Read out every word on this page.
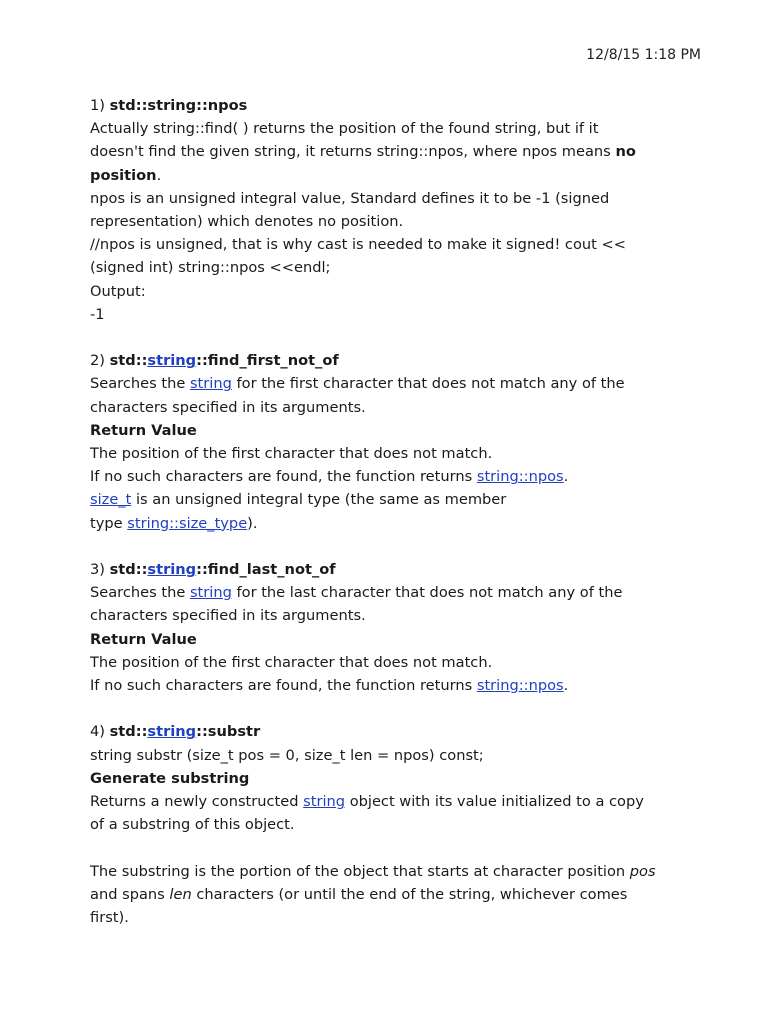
12/8/15 1:18 PM

1) std::string::npos

Actually string::find( ) returns the position of the found string, but if it

doesn't find the given string, it returns string::npos, where npos means no

position.

npos is an unsigned integral value, Standard defines it to be -1 (signed

representation) which denotes no position.

//npos is unsigned, that is why cast is needed to make it signed! cout <<

(signed int) string::npos <<endl;

Output:

-1

2) std::string::find_first_not_of

Searches the string for the first character that does not match any of the

characters specified in its arguments.

Return Value

The position of the first character that does not match.

If no such characters are found, the function returns string::npos.

size_t is an unsigned integral type (the same as member

type string::size_type).

3) std::string::find_last_not_of

Searches the string for the last character that does not match any of the

characters specified in its arguments.

Return Value

The position of the first character that does not match.

If no such characters are found, the function returns string::npos.

4) std::string::substr

string substr (size_t pos = 0, size_t len = npos) const;

Generate substring

Returns a newly constructed string object with its value initialized to a copy

of a substring of this object.

The substring is the portion of the object that starts at character position pos

and spans len characters (or until the end of the string, whichever comes

first).
